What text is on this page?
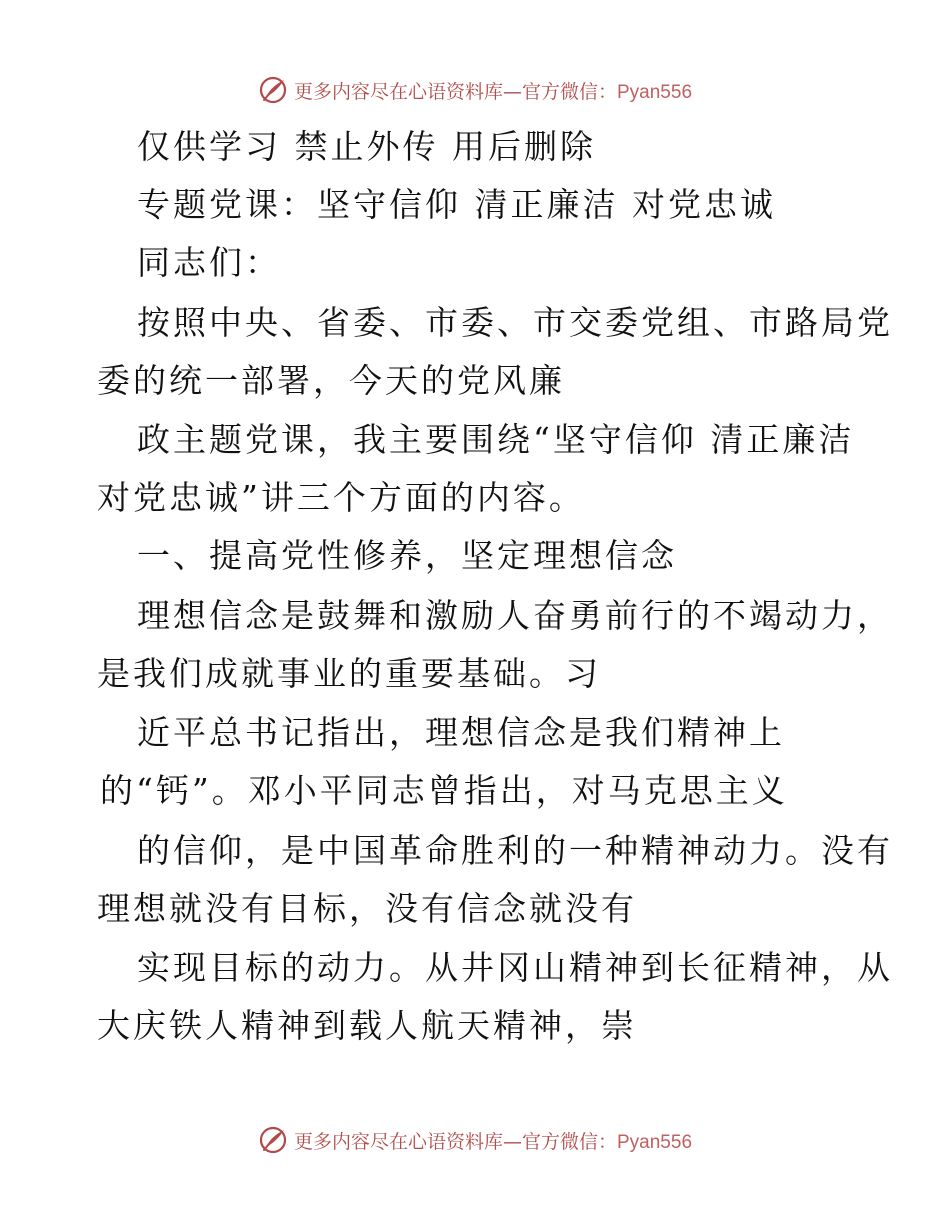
更多内容尽在心语资料库—官方微信：Pyan556
仅供学习 禁止外传 用后删除
专题党课：坚守信仰 清正廉洁 对党忠诚
同志们：
按照中央、省委、市委、市交委党组、市路局党
委的统一部署，今天的党风廉
政主题党课，我主要围绕“坚守信仰 清正廉洁
对党忠诚”讲三个方面的内容。
一、提高党性修养，坚定理想信念
理想信念是鼓舞和激励人奋勇前行的不竭动力，
是我们成就事业的重要基础。习
近平总书记指出，理想信念是我们精神上
的“钙”。邓小平同志曾指出，对马克思主义
的信仰，是中国革命胜利的一种精神动力。没有
理想就没有目标，没有信念就没有
实现目标的动力。从井冈山精神到长征精神，从
大庆铁人精神到载人航天精神，崇
更多内容尽在心语资料库—官方微信：Pyan556
